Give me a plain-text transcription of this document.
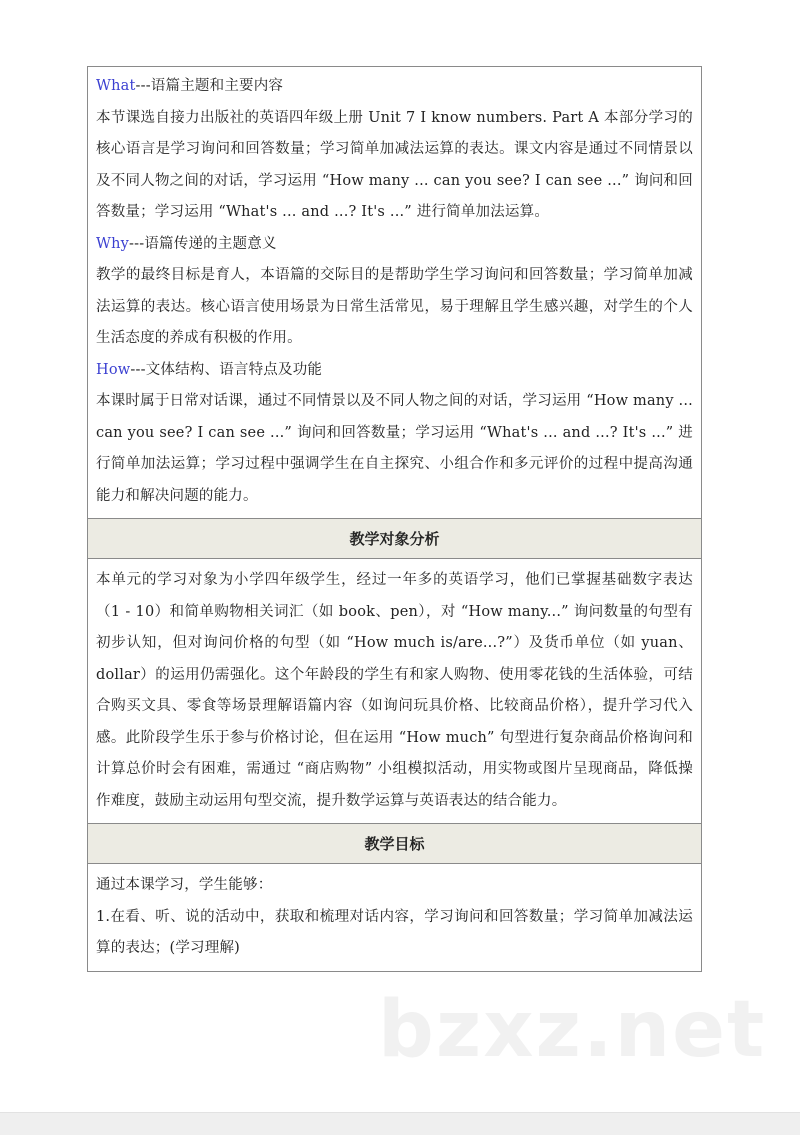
What---语篇主题和主要内容

本节课选自接力出版社的英语四年级上册 Unit 7 I know numbers. Part A 本部分学习的核心语言是学习询问和回答数量；学习简单加减法运算的表达。课文内容是通过不同情景以及不同人物之间的对话，学习运用 “How many ... can you see? I can see ...” 询问和回答数量；学习运用 “What's ... and ...? It's ...” 进行简单加法运算。

Why---语篇传递的主题意义

教学的最终目标是育人，本语篇的交际目的是帮助学生学习询问和回答数量；学习简单加减法运算的表达。核心语言使用场景为日常生活常见，易于理解且学生感兴趣，对学生的个人生活态度的养成有积极的作用。

How---文体结构、语言特点及功能

本课时属于日常对话课，通过不同情景以及不同人物之间的对话，学习运用 “How many ... can you see? I can see ...” 询问和回答数量；学习运用 “What's ... and ...? It's ...” 进行简单加法运算；学习过程中强调学生在自主探究、小组合作和多元评价的过程中提高沟通能力和解决问题的能力。

教学对象分析

本单元的学习对象为小学四年级学生，经过一年多的英语学习，他们已掌握基础数字表达（1 - 10）和简单购物相关词汇（如 book、pen），对 “How many...” 询问数量的句型有初步认知，但对询问价格的句型（如 “How much is/are...?”）及货币单位（如 yuan、dollar）的运用仍需强化。这个年龄段的学生有和家人购物、使用零花钱的生活体验，可结合购买文具、零食等场景理解语篇内容（如询问玩具价格、比较商品价格），提升学习代入感。此阶段学生乐于参与价格讨论，但在运用 “How much” 句型进行复杂商品价格询问和计算总价时会有困难，需通过 “商店购物” 小组模拟活动，用实物或图片呈现商品，降低操作难度，鼓励主动运用句型交流，提升数学运算与英语表达的结合能力。

教学目标

通过本课学习，学生能够：

1.在看、听、说的活动中，获取和梳理对话内容，学习询问和回答数量；学习简单加减法运算的表达；(学习理解)

bzxz.net
